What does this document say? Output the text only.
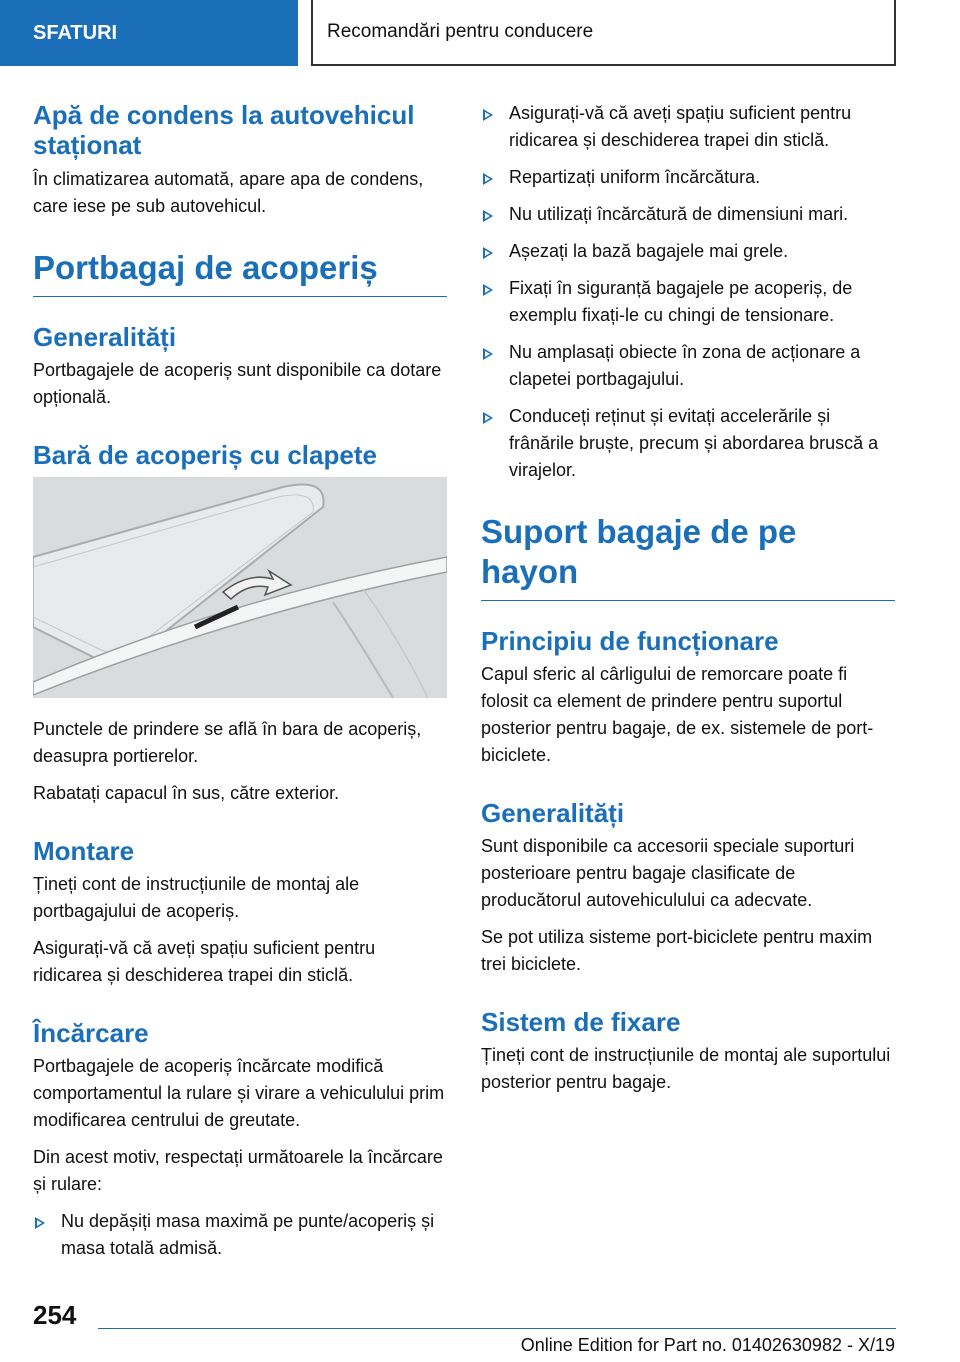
SFATURI	Recomandări pentru conducere
Apă de condens la autovehicul staționat
În climatizarea automată, apare apa de condens, care iese pe sub autovehicul.
Portbagaj de acoperiș
Generalități
Portbagajele de acoperiș sunt disponibile ca dotare opțională.
Bară de acoperiș cu clapete
Punctele de prindere se află în bara de acoperiș, deasupra portierelor.
Rabatați capacul în sus, către exterior.
Montare
Țineți cont de instrucțiunile de montaj ale portbagajului de acoperiș.
Asigurați-vă că aveți spațiu suficient pentru ridicarea și deschiderea trapei din sticlă.
Încărcare
Portbagajele de acoperiș încărcate modifică comportamentul la rulare și virare a vehiculului prim modificarea centrului de greutate.
Din acest motiv, respectați următoarele la încărcare și rulare:
Nu depășiți masa maximă pe punte/acoperiș și masa totală admisă.
Asigurați-vă că aveți spațiu suficient pentru ridicarea și deschiderea trapei din sticlă.
Repartizați uniform încărcătura.
Nu utilizați încărcătură de dimensiuni mari.
Așezați la bază bagajele mai grele.
Fixați în siguranță bagajele pe acoperiș, de exemplu fixați-le cu chingi de tensionare.
Nu amplasați obiecte în zona de acționare a clapetei portbagajului.
Conduceți reținut și evitați accelerările și frânările bruște, precum și abordarea bruscă a virajelor.
Suport bagaje de pe hayon
Principiu de funcționare
Capul sferic al cârligului de remorcare poate fi folosit ca element de prindere pentru suportul posterior pentru bagaje, de ex. sistemele de port-biciclete.
Generalități
Sunt disponibile ca accesorii speciale suporturi posterioare pentru bagaje clasificate de producătorul autovehiculului ca adecvate.
Se pot utiliza sisteme port-biciclete pentru maxim trei biciclete.
Sistem de fixare
Țineți cont de instrucțiunile de montaj ale suportului posterior pentru bagaje.
254
Online Edition for Part no. 01402630982 - X/19
